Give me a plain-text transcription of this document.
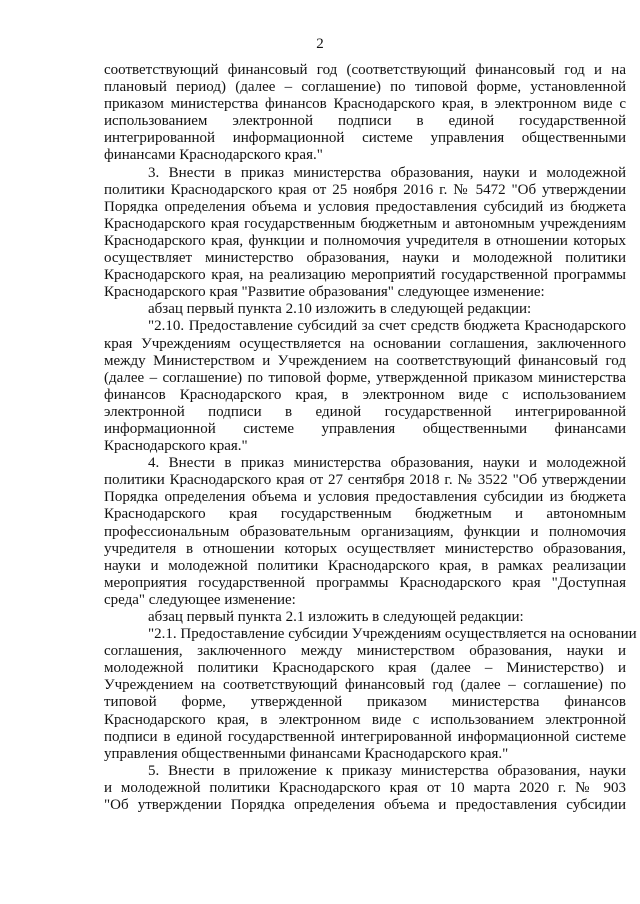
2
соответствующий финансовый год (соответствующий финансовый год и на
плановый период) (далее – соглашение) по типовой форме, установленной
приказом министерства финансов Краснодарского края, в электронном виде с
использованием электронной подписи в единой государственной
интегрированной информационной системе управления общественными
финансами Краснодарского края."
3. Внести в приказ министерства образования, науки и молодежной
политики Краснодарского края от 25 ноября 2016 г. № 5472 "Об утверждении
Порядка определения объема и условия предоставления субсидий из бюджета
Краснодарского края государственным бюджетным и автономным учреждениям
Краснодарского края, функции и полномочия учредителя в отношении которых
осуществляет министерство образования, науки и молодежной политики
Краснодарского края, на реализацию мероприятий государственной программы
Краснодарского края "Развитие образования" следующее изменение:
абзац первый пункта 2.10 изложить в следующей редакции:
"2.10. Предоставление субсидий за счет средств бюджета Краснодарского
края Учреждениям осуществляется на основании соглашения, заключенного
между Министерством и Учреждением на соответствующий финансовый год
(далее – соглашение) по типовой форме, утвержденной приказом министерства
финансов Краснодарского края, в электронном виде с использованием
электронной подписи в единой государственной интегрированной
информационной системе управления общественными финансами
Краснодарского края."
4. Внести в приказ министерства образования, науки и молодежной
политики Краснодарского края от 27 сентября 2018 г. № 3522 "Об утверждении
Порядка определения объема и условия предоставления субсидии из бюджета
Краснодарского края государственным бюджетным и автономным
профессиональным образовательным организациям, функции и полномочия
учредителя в отношении которых осуществляет министерство образования,
науки и молодежной политики Краснодарского края, в рамках реализации
мероприятия государственной программы Краснодарского края "Доступная
среда" следующее изменение:
абзац первый пункта 2.1 изложить в следующей редакции:
"2.1. Предоставление субсидии Учреждениям осуществляется на основании
соглашения, заключенного между министерством образования, науки и
молодежной политики Краснодарского края (далее – Министерство) и
Учреждением на соответствующий финансовый год (далее – соглашение) по
типовой форме, утвержденной приказом министерства финансов
Краснодарского края, в электронном виде с использованием электронной
подписи в единой государственной интегрированной информационной системе
управления общественными финансами Краснодарского края."
5. Внести в приложение к приказу министерства образования, науки
и молодежной политики Краснодарского края от 10 марта 2020 г. № 903
"Об утверждении Порядка определения объема и предоставления субсидии
